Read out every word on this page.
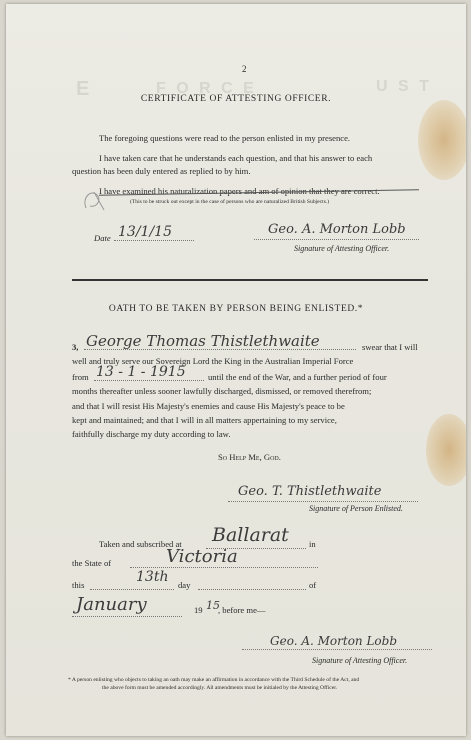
E	F O R C E	U S T
2
CERTIFICATE OF ATTESTING OFFICER.
The foregoing questions were read to the person enlisted in my presence.
I have taken care that he understands each question, and that his answer to each
question has been duly entered as replied to by him.
I have examined his naturalization papers and am of opinion that they are correct.
(This to be struck out except in the case of persons who are naturalized British Subjects.)
Date 13/1/15	Geo. A. Morton Lobb
Signature of Attesting Officer.
OATH TO BE TAKEN BY PERSON BEING ENLISTED.*
3, George Thomas Thistlethwaite	swear that I will
well and truly serve our Sovereign Lord the King in the Australian Imperial Force
from 13 - 1 - 1915	until the end of the War, and a further period of four
months thereafter unless sooner lawfully discharged, dismissed, or removed therefrom;
and that I will resist His Majesty's enemies and cause His Majesty's peace to be
kept and maintained; and that I will in all matters appertaining to my service,
faithfully discharge my duty according to law.
So Help Me, God.
Geo. T. Thistlethwaite
Signature of Person Enlisted.
Taken and subscribed at Ballarat in
the State of	Victoria
this	13th day	of
January	19 15
, before me—
Geo. A. Morton Lobb
Signature of Attesting Officer.
* A person enlisting who objects to taking an oath may make an affirmation in accordance with the Third Schedule of the Act, and
the above form must be amended accordingly. All amendments must be initialed by the Attesting Officer.
